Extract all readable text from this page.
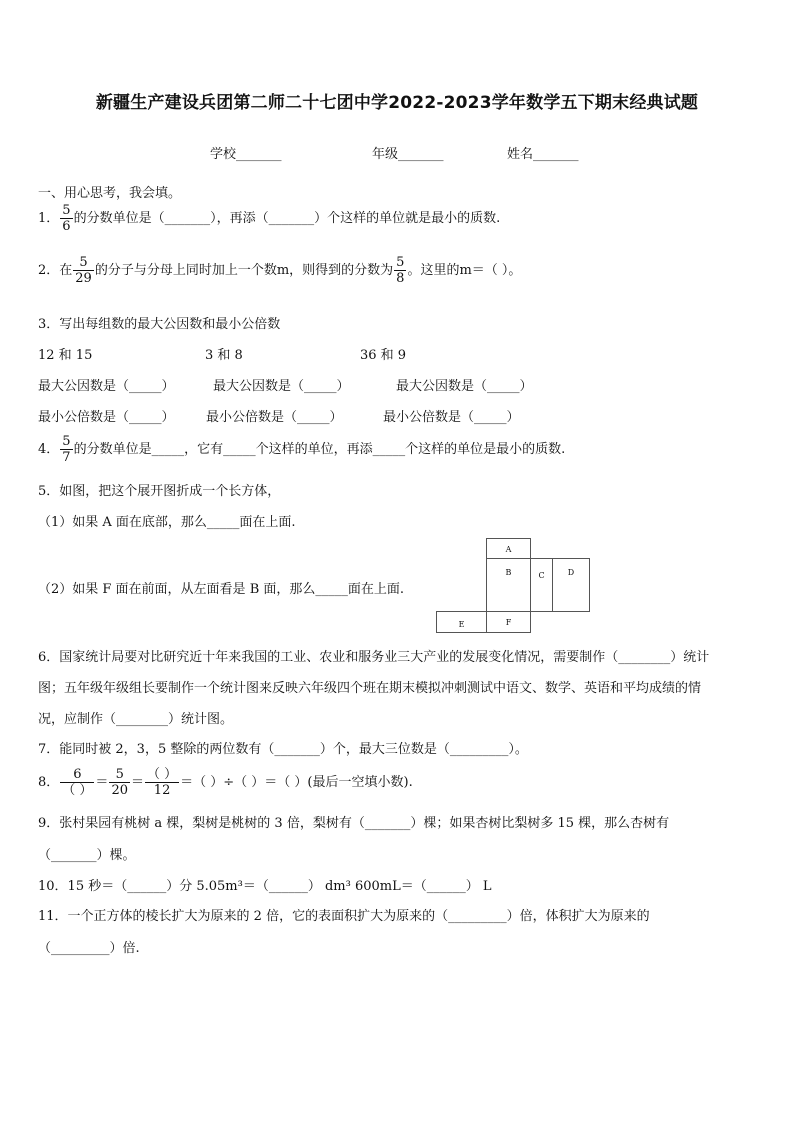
新疆生产建设兵团第二师二十七团中学2022-2023学年数学五下期末经典试题
学校_______	年级_______	姓名_______
一、用心思考，我会填。
1． $\frac{5}{6}$ 的分数单位是（_______），再添（_______）个这样的单位就是最小的质数.
2．在 $\frac{5}{29}$ 的分子与分母上同时加上一个数m，则得到的分数为 $\frac{5}{8}$ 。这里的m＝（ ）。
3．写出每组数的最大公因数和最小公倍数
12 和 15	3 和 8	36 和 9
最大公因数是（_____）	最大公因数是（_____）	最大公因数是（_____）
最小公倍数是（_____） 最小公倍数是（_____）	最小公倍数是（_____）
4． $\frac{5}{7}$ 的分数单位是_____，它有_____个这样的单位，再添_____个这样的单位是最小的质数.
5．如图，把这个展开图折成一个长方体，
（1）如果 A 面在底部，那么_____面在上面.
（2）如果 F 面在前面，从左面看是 B 面，那么_____面在上面.
A
B	C	D
E	F
6．国家统计局要对比研究近十年来我国的工业、农业和服务业三大产业的发展变化情况，需要制作（________）统计
图；五年级年级组长要制作一个统计图来反映六年级四个班在期末模拟冲刺测试中语文、数学、英语和平均成绩的情
况，应制作（________）统计图。
7．能同时被 2，3，5 整除的两位数有（_______）个，最大三位数是（_________）。
8． $\frac{6}{( )} = \frac{5}{20} = \frac{( )}{12}$ ＝（ ）÷（ ）＝（ ）(最后一空填小数).
9．张村果园有桃树 a 棵，梨树是桃树的 3 倍，梨树有（_______）棵；如果杏树比梨树多 15 棵，那么杏树有
（_______）棵。
10．15 秒＝（______）分 5.05m³＝（______） dm³ 600mL＝（______） L
11．一个正方体的棱长扩大为原来的 2 倍，它的表面积扩大为原来的（_________）倍，体积扩大为原来的
（_________）倍.
